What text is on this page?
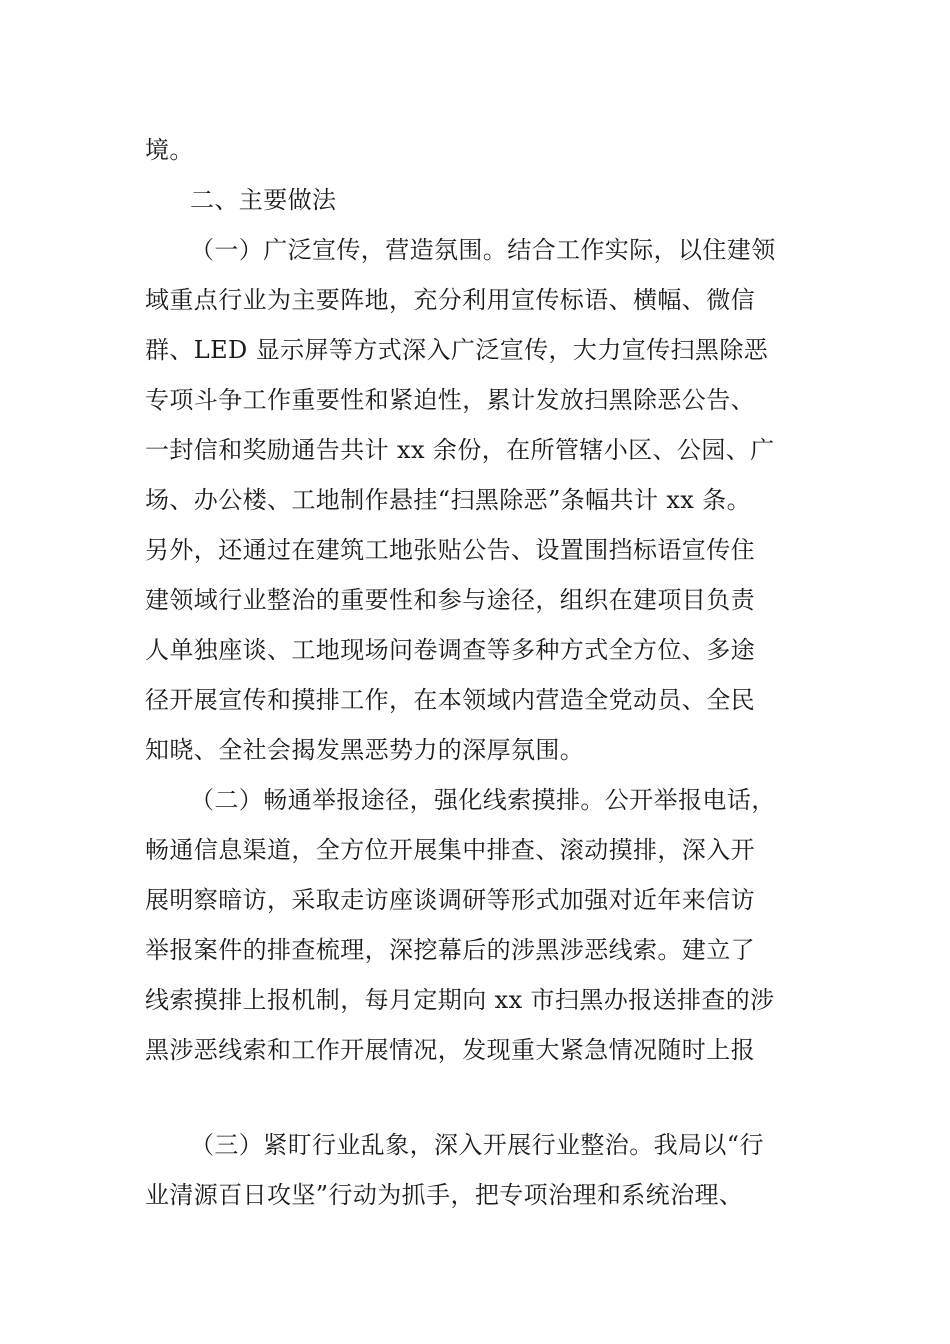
境。
二、主要做法
（一）广泛宣传，营造氛围。结合工作实际，以住建领
域重点行业为主要阵地，充分利用宣传标语、横幅、微信
群、LED 显示屏等方式深入广泛宣传，大力宣传扫黑除恶
专项斗争工作重要性和紧迫性，累计发放扫黑除恶公告、
一封信和奖励通告共计 xx 余份，在所管辖小区、公园、广
场、办公楼、工地制作悬挂“扫黑除恶”条幅共计 xx 条。
另外，还通过在建筑工地张贴公告、设置围挡标语宣传住
建领域行业整治的重要性和参与途径，组织在建项目负责
人单独座谈、工地现场问卷调查等多种方式全方位、多途
径开展宣传和摸排工作，在本领域内营造全党动员、全民
知晓、全社会揭发黑恶势力的深厚氛围。
（二）畅通举报途径，强化线索摸排。公开举报电话，
畅通信息渠道，全方位开展集中排查、滚动摸排，深入开
展明察暗访，采取走访座谈调研等形式加强对近年来信访
举报案件的排查梳理，深挖幕后的涉黑涉恶线索。建立了
线索摸排上报机制，每月定期向 xx 市扫黑办报送排查的涉
黑涉恶线索和工作开展情况，发现重大紧急情况随时上报
（三）紧盯行业乱象，深入开展行业整治。我局以“行
业清源百日攻坚”行动为抓手，把专项治理和系统治理、
